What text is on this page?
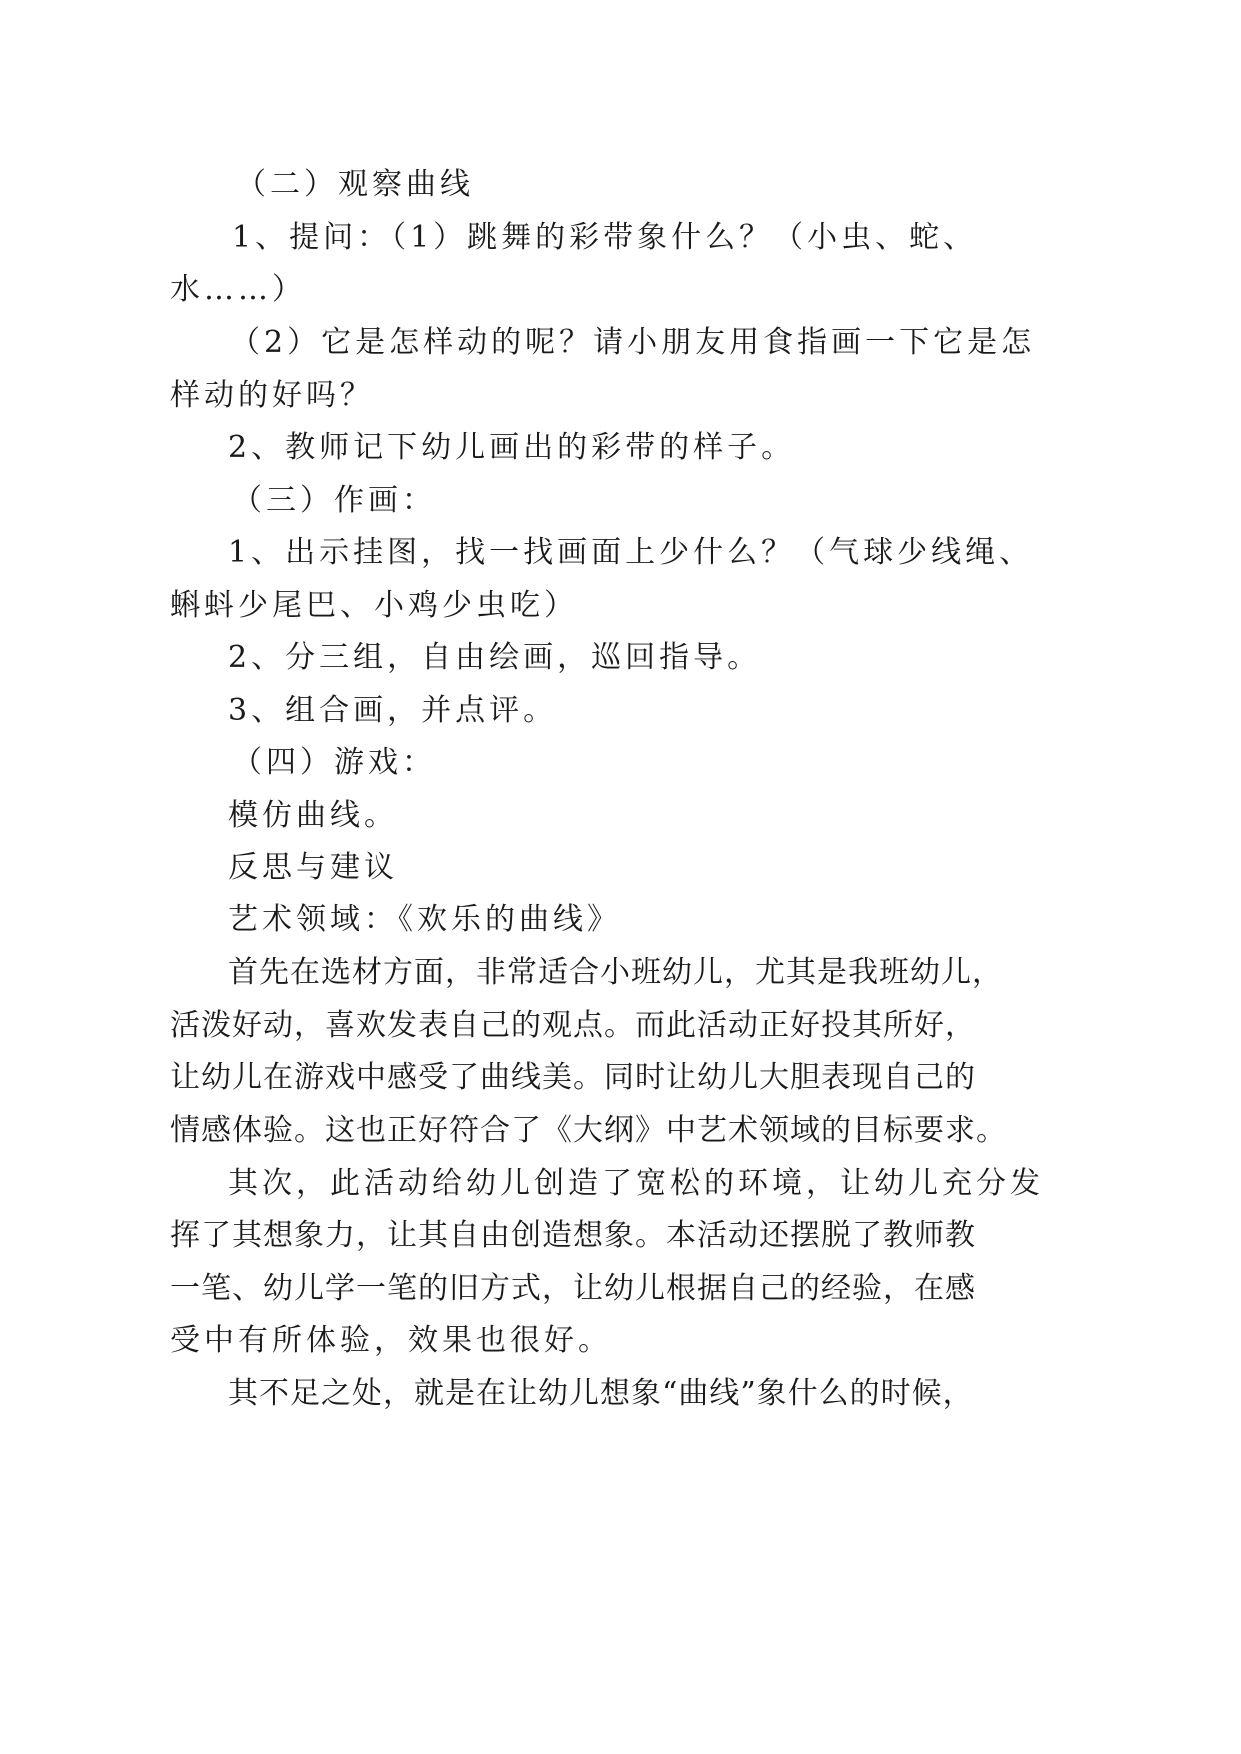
（二）观察曲线
1、提问：（1）跳舞的彩带象什么？（小虫、蛇、
水……）
（2）它是怎样动的呢？请小朋友用食指画一下它是怎
样动的好吗？
2、教师记下幼儿画出的彩带的样子。
（三）作画：
1、出示挂图，找一找画面上少什么？（气球少线绳、
蝌蚪少尾巴、小鸡少虫吃）
2、分三组，自由绘画，巡回指导。
3、组合画，并点评。
（四）游戏：
模仿曲线。
反思与建议
艺术领域：《欢乐的曲线》
首先在选材方面，非常适合小班幼儿，尤其是我班幼儿，
活泼好动，喜欢发表自己的观点。而此活动正好投其所好，
让幼儿在游戏中感受了曲线美。同时让幼儿大胆表现自己的
情感体验。这也正好符合了《大纲》中艺术领域的目标要求。
其次，此活动给幼儿创造了宽松的环境，让幼儿充分发
挥了其想象力，让其自由创造想象。本活动还摆脱了教师教
一笔、幼儿学一笔的旧方式，让幼儿根据自己的经验，在感
受中有所体验，效果也很好。
其不足之处，就是在让幼儿想象“曲线”象什么的时候，
